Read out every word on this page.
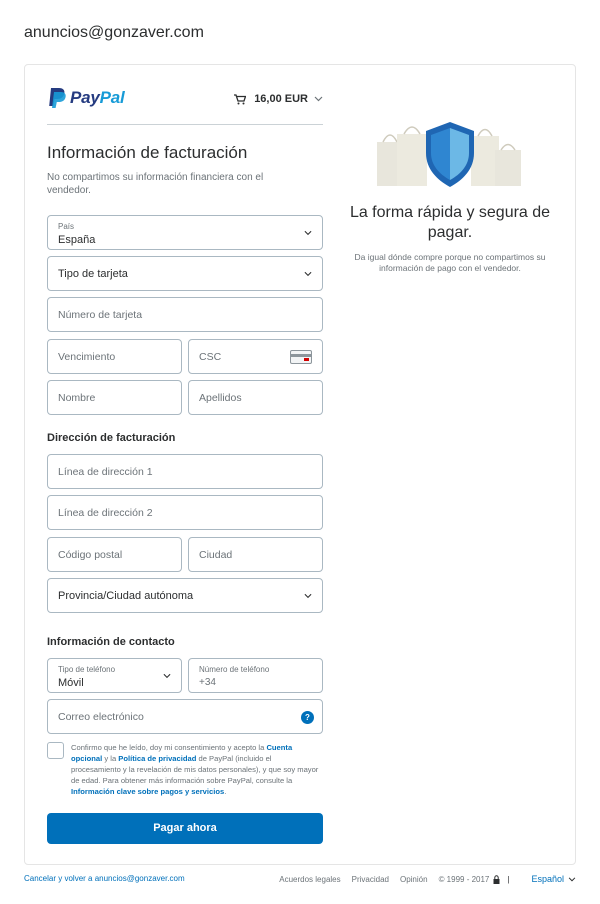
anuncios@gonzaver.com
PayPal	16,00 EUR
Información de facturación
No compartimos su información financiera con el vendedor.
País
España
Tipo de tarjeta
Número de tarjeta
Vencimiento	CSC
Nombre	Apellidos
Dirección de facturación
Línea de dirección 1
Línea de dirección 2
Código postal	Ciudad
Provincia/Ciudad autónoma
Información de contacto
Tipo de teléfono
Móvil
Número de teléfono
+34
Correo electrónico	?
Confirmo que he leído, doy mi consentimiento y acepto la Cuenta opcional y la Política de privacidad de PayPal (incluido el procesamiento y la revelación de mis datos personales), y que soy mayor de edad. Para obtener más información sobre PayPal, consulte la Información clave sobre pagos y servicios.
Pagar ahora
La forma rápida y segura de pagar.
Da igual dónde compre porque no compartimos su información de pago con el vendedor.
Cancelar y volver a anuncios@gonzaver.com	Acuerdos legales Privacidad Opinión © 1999 - 2017 | Español
